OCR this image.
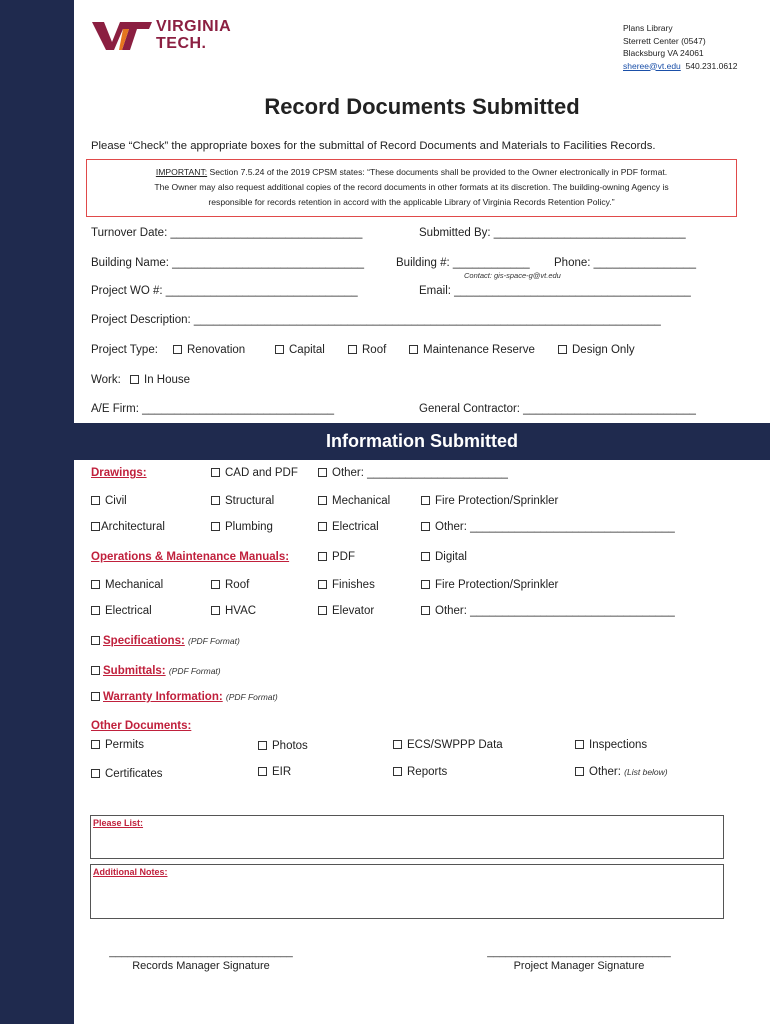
VIRGINIA
TECH.
Plans Library
Sterrett Center (0547)
Blacksburg VA 24061
sheree@vt.edu 540.231.0612
Record Documents Submitted
Please “Check” the appropriate boxes for the submittal of Record Documents and Materials to Facilities Records.
IMPORTANT: Section 7.5.24 of the 2019 CPSM states: “These documents shall be provided to the Owner electronically in PDF format.
The Owner may also request additional copies of the record documents in other formats at its discretion. The building-owning Agency is
responsible for records retention in accord with the applicable Library of Virginia Records Retention Policy.”
Turnover Date: ______________________________	Submitted By: ______________________________
Building Name: ______________________________	Building #: ____________ Phone: ________________
Contact: gis-space-g@vt.edu
Project WO #: ______________________________	Email: _____________________________________
Project Description: _________________________________________________________________________
Project Type:	Renovation	Capital	Roof	Maintenance Reserve	Design Only
Work:	In House
A/E Firm: ______________________________	General Contractor: ___________________________
Information Submitted
Drawings:	CAD and PDF	Other: ______________________
Civil	Structural	Mechanical	Fire Protection/Sprinkler
Architectural	Plumbing	Electrical	Other: ________________________________
Operations & Maintenance Manuals:	PDF	Digital
Mechanical	Roof	Finishes	Fire Protection/Sprinkler
Electrical	HVAC	Elevator	Other: ________________________________
Specifications: (PDF Format)
Submittals: (PDF Format)
Warranty Information: (PDF Format)
Other Documents:
Permits	Photos	ECS/SWPPP Data	Inspections
Certificates	EIR	Reports	Other: (List below)
Please List:
Additional Notes:
______________________________
Records Manager Signature
______________________________
Project Manager Signature
